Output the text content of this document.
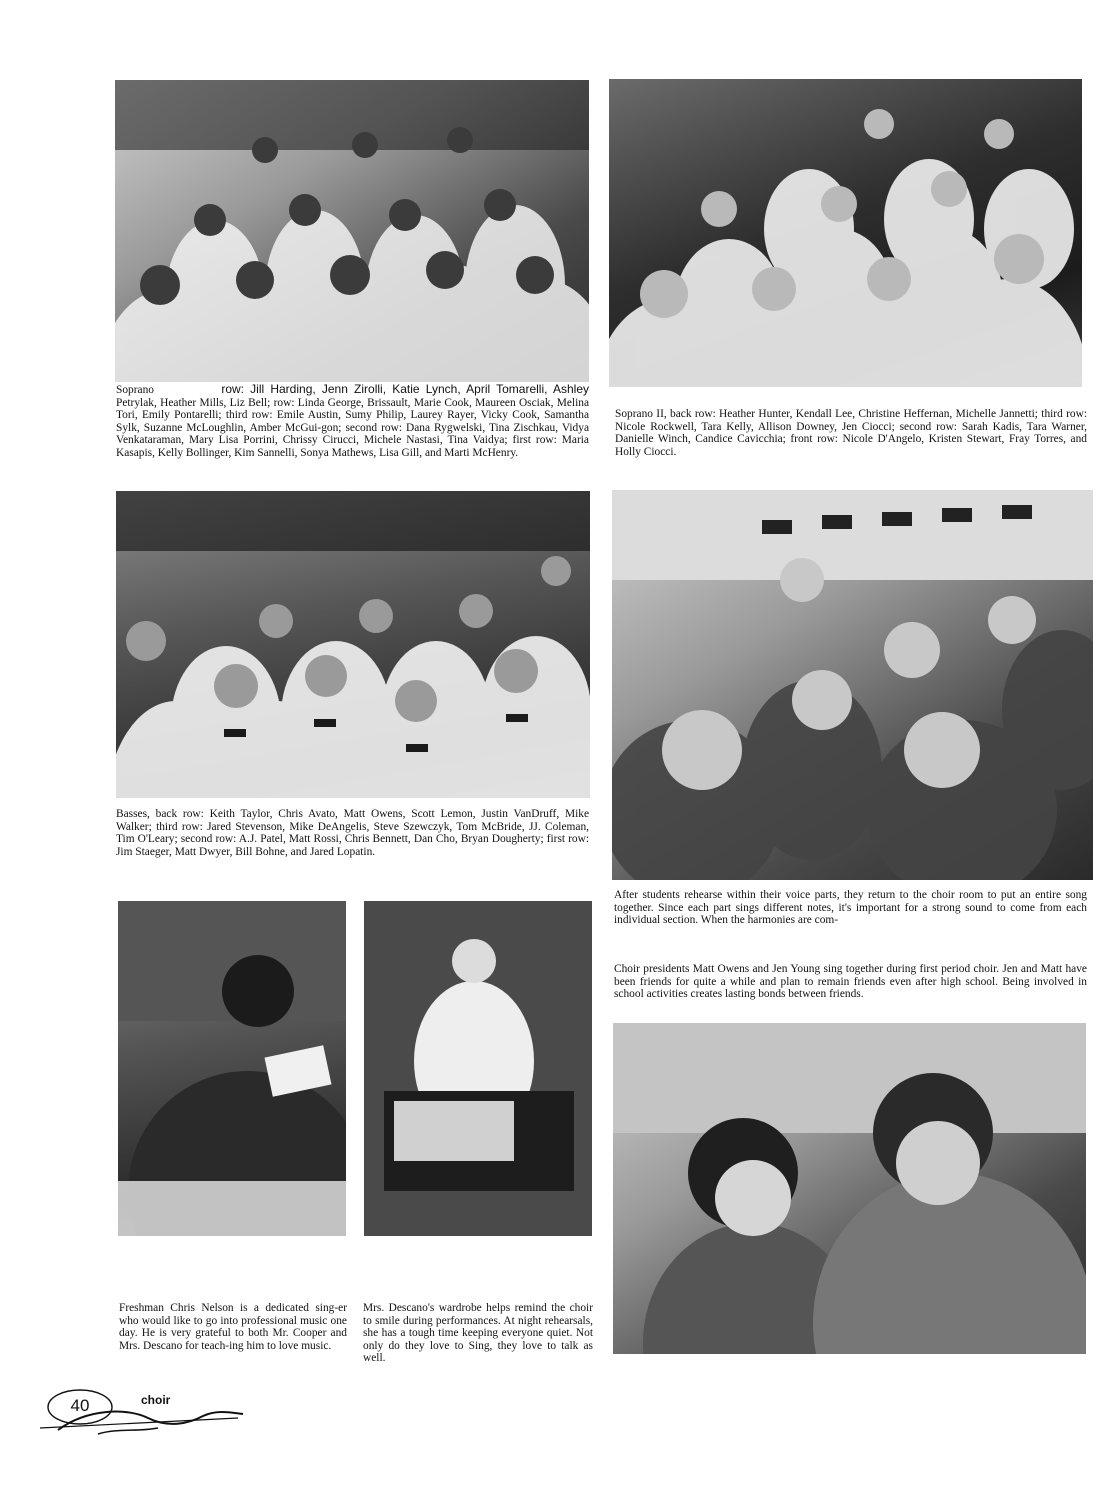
Soprano	row: Jill Harding, Jenn Zirolli, Katie Lynch, April Tomarelli, Ashley Petrylak, Heather Mills, Liz Bell; row: Linda George, Brissault, Marie Cook, Maureen Osciak, Melina Tori, Emily Pontarelli; third row: Emile Austin, Sumy Philip, Laurey Rayer, Vicky Cook, Samantha Sylk, Suzanne McLoughlin, Amber McGui-gon; second row: Dana Rygwelski, Tina Zischkau, Vidya Venkataraman, Mary Lisa Porrini, Chrissy Cirucci, Michele Nastasi, Tina Vaidya; first row: Maria Kasapis, Kelly Bollinger, Kim Sannelli, Sonya Mathews, Lisa Gill, and Marti McHenry.

Soprano II, back row: Heather Hunter, Kendall Lee, Christine Heffernan, Michelle Jannetti; third row: Nicole Rockwell, Tara Kelly, Allison Downey, Jen Ciocci; second row: Sarah Kadis, Tara Warner, Danielle Winch, Candice Cavicchia; front row: Nicole D'Angelo, Kristen Stewart, Fray Torres, and Holly Ciocci.

Basses, back row: Keith Taylor, Chris Avato, Matt Owens, Scott Lemon, Justin VanDruff, Mike Walker; third row: Jared Stevenson, Mike DeAngelis, Steve Szewczyk, Tom McBride, JJ. Coleman, Tim O'Leary; second row: A.J. Patel, Matt Rossi, Chris Bennett, Dan Cho, Bryan Dougherty; first row: Jim Staeger, Matt Dwyer, Bill Bohne, and Jared Lopatin.

After students rehearse within their voice parts, they return to the choir room to put an entire song together. Since each part sings different notes, it's important for a strong sound to come from each individual section. When the harmonies are com-

Choir presidents Matt Owens and Jen Young sing together during first period choir. Jen and Matt have been friends for quite a while and plan to remain friends even after high school. Being involved in school activities creates lasting bonds between friends.

Freshman Chris Nelson is a dedicated sing-er who would like to go into professional music one day. He is very grateful to both Mr. Cooper and Mrs. Descano for teach-ing him to love music.

Mrs. Descano's wardrobe helps remind the choir to smile during performances. At night rehearsals, she has a tough time keeping everyone quiet. Not only do they love to Sing, they love to talk as well.

40	choir
